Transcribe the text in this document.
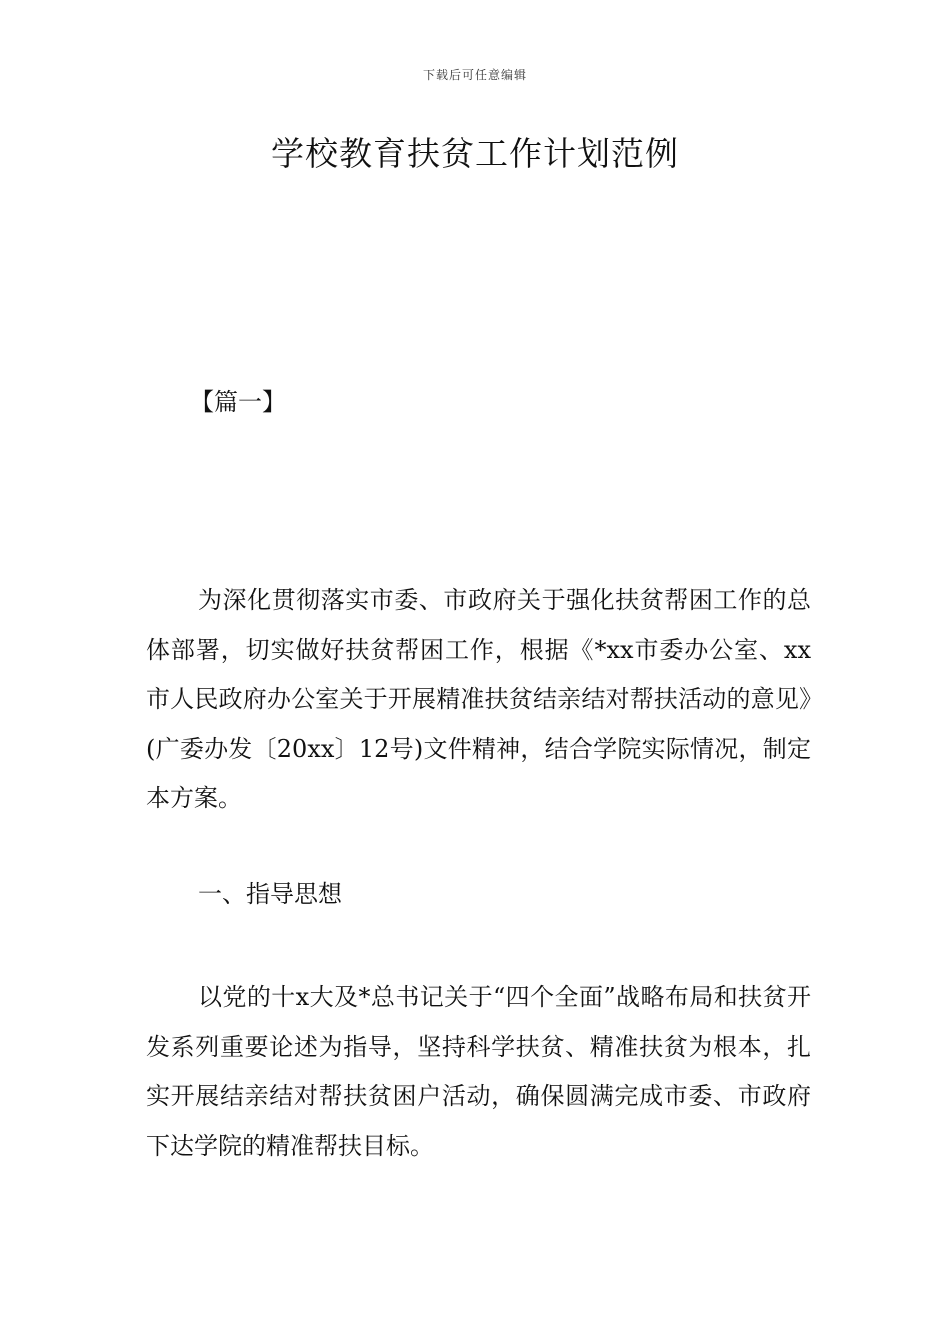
下载后可任意编辑
学校教育扶贫工作计划范例
【篇一】

为深化贯彻落实市委、市政府关于强化扶贫帮困工作的总体部署，切实做好扶贫帮困工作，根据《*xx市委办公室、xx市人民政府办公室关于开展精准扶贫结亲结对帮扶活动的意见》(广委办发〔20xx〕12号)文件精神，结合学院实际情况，制定本方案。

一、指导思想

以党的十x大及*总书记关于“四个全面”战略布局和扶贫开发系列重要论述为指导，坚持科学扶贫、精准扶贫为根本，扎实开展结亲结对帮扶贫困户活动，确保圆满完成市委、市政府下达学院的精准帮扶目标。
